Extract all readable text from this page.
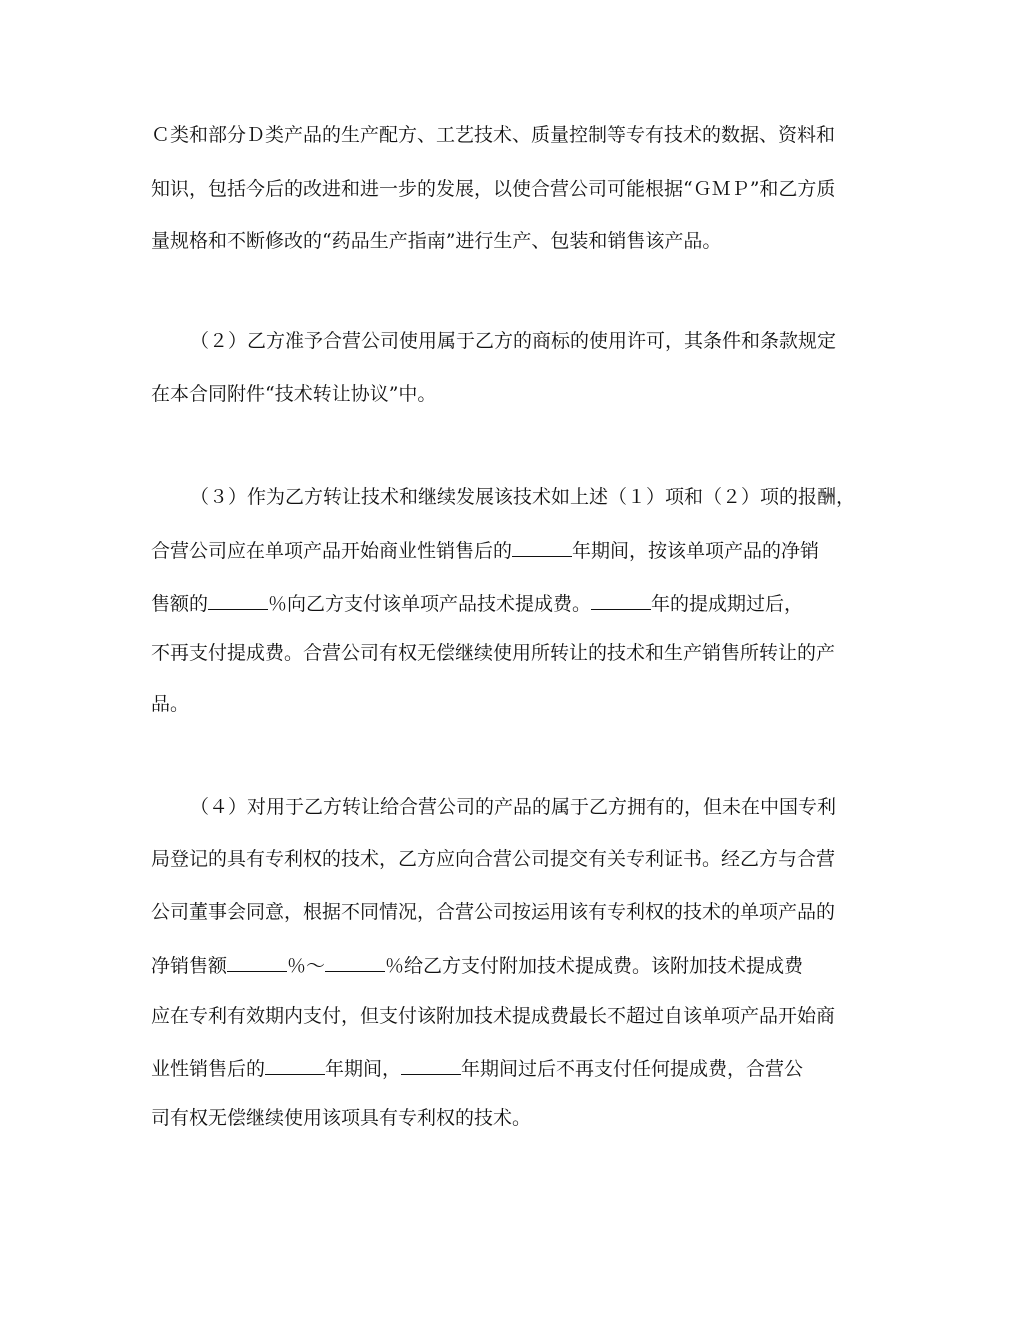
Ｃ类和部分Ｄ类产品的生产配方、工艺技术、质量控制等专有技术的数据、资料和
知识，包括今后的改进和进一步的发展，以使合营公司可能根据“ＧＭＰ”和乙方质
量规格和不断修改的“药品生产指南”进行生产、包装和销售该产品。
（２）乙方准予合营公司使用属于乙方的商标的使用许可，其条件和条款规定
在本合同附件“技术转让协议”中。
（３）作为乙方转让技术和继续发展该技术如上述（１）项和（２）项的报酬，
合营公司应在单项产品开始商业性销售后的	年期间，按该单项产品的净销
售额的	％向乙方支付该单项产品技术提成费。	年的提成期过后，
不再支付提成费。合营公司有权无偿继续使用所转让的技术和生产销售所转让的产
品。
（４）对用于乙方转让给合营公司的产品的属于乙方拥有的，但未在中国专利
局登记的具有专利权的技术，乙方应向合营公司提交有关专利证书。经乙方与合营
公司董事会同意，根据不同情况，合营公司按运用该有专利权的技术的单项产品的
净销售额	％～	％给乙方支付附加技术提成费。该附加技术提成费
应在专利有效期内支付，但支付该附加技术提成费最长不超过自该单项产品开始商
业性销售后的	年期间，	年期间过后不再支付任何提成费，合营公
司有权无偿继续使用该项具有专利权的技术。
